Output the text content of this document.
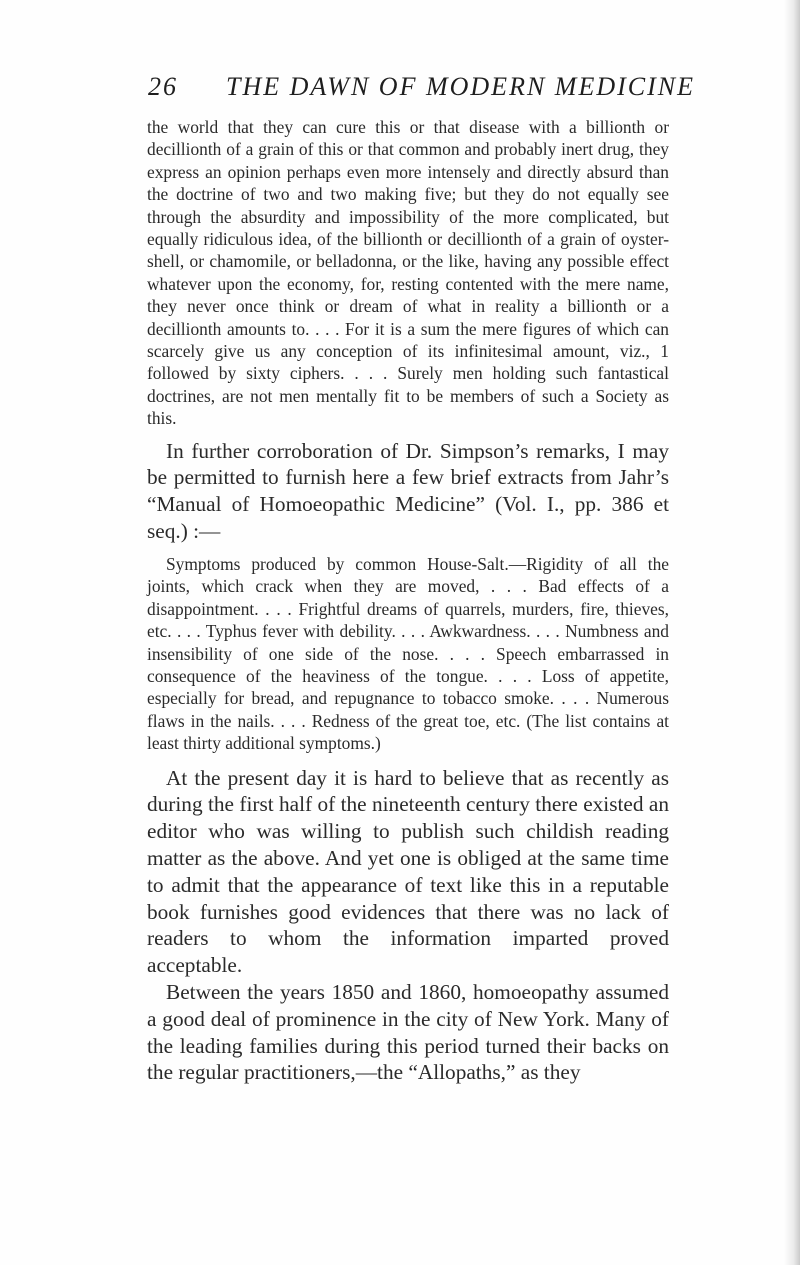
26 THE DAWN OF MODERN MEDICINE

the world that they can cure this or that disease with a billionth or decillionth of a grain of this or that common and probably inert drug, they express an opinion perhaps even more intensely and directly absurd than the doctrine of two and two making five; but they do not equally see through the absurdity and impossibility of the more complicated, but equally ridiculous idea, of the billionth or decillionth of a grain of oyster-shell, or chamomile, or belladonna, or the like, having any possible effect whatever upon the economy, for, resting contented with the mere name, they never once think or dream of what in reality a billionth or a decillionth amounts to. . . . For it is a sum the mere figures of which can scarcely give us any conception of its infinitesimal amount, viz., 1 followed by sixty ciphers. . . . Surely men holding such fantastical doctrines, are not men mentally fit to be members of such a Society as this.

In further corroboration of Dr. Simpson’s remarks, I may be permitted to furnish here a few brief extracts from Jahr’s “Manual of Homoeopathic Medicine” (Vol. I., pp. 386 et seq.) :—

Symptoms produced by common House-Salt.—Rigidity of all the joints, which crack when they are moved, . . . Bad effects of a disappointment. . . . Frightful dreams of quarrels, murders, fire, thieves, etc. . . . Typhus fever with debility. . . . Awkwardness. . . . Numbness and insensibility of one side of the nose. . . . Speech embarrassed in consequence of the heaviness of the tongue. . . . Loss of appetite, especially for bread, and repugnance to tobacco smoke. . . . Numerous flaws in the nails. . . . Redness of the great toe, etc. (The list contains at least thirty additional symptoms.)

At the present day it is hard to believe that as recently as during the first half of the nineteenth century there existed an editor who was willing to publish such childish reading matter as the above. And yet one is obliged at the same time to admit that the appearance of text like this in a reputable book furnishes good evidences that there was no lack of readers to whom the information imparted proved acceptable.

Between the years 1850 and 1860, homoeopathy assumed a good deal of prominence in the city of New York. Many of the leading families during this period turned their backs on the regular practitioners,—the “Allopaths,” as they
